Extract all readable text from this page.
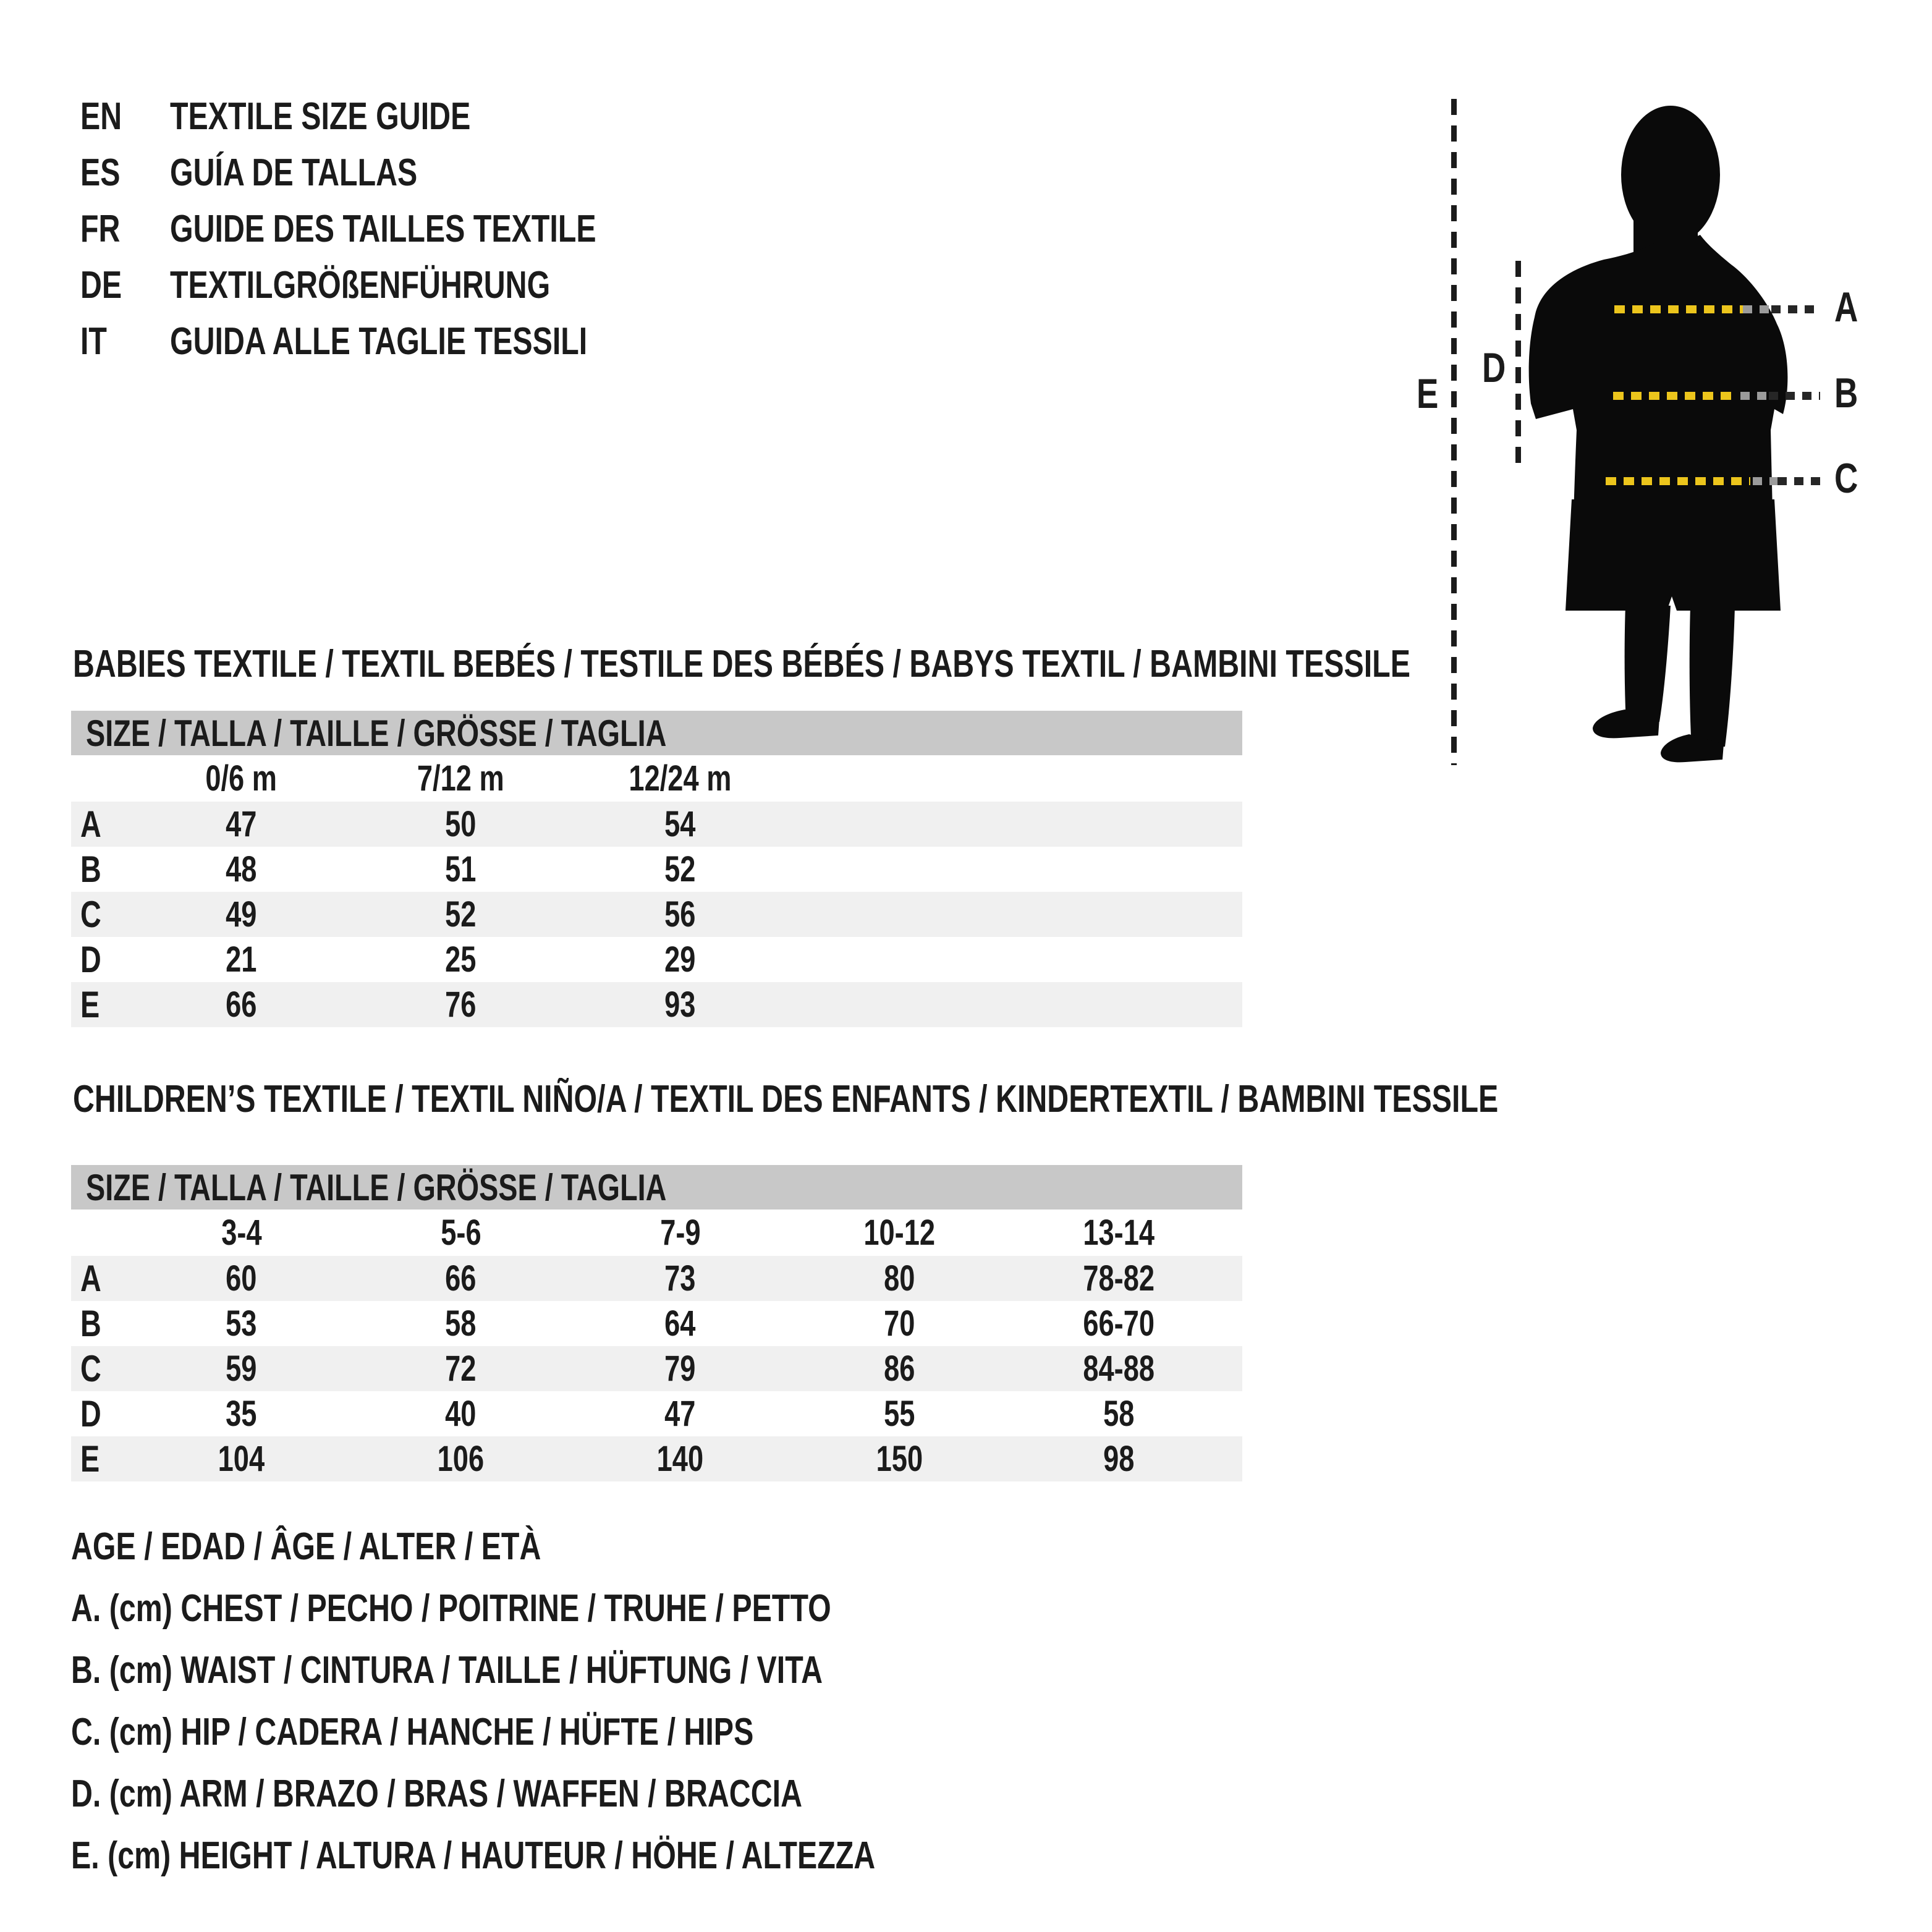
EN	TEXTILE SIZE GUIDE
ES GUÍA DE TALLAS
FR GUIDE DES TAILLES TEXTILE
DE	TEXTILGRÖßENFÜHRUNG
IT GUIDA ALLE TAGLIE TESSILI
A
B
C
D
E
BABIES TEXTILE / TEXTIL BEBÉS / TESTILE DES BÉBÉS / BABYS TEXTIL / BAMBINI TESSILE
SIZE / TALLA / TAILLE / GRÖSSE / TAGLIA
0/6 m	7/12 m	12/24 m
A	47	50	54
B	48	51	52
C	49	52	56
D	21	25	29
E	66	76	93
CHILDREN’S TEXTILE / TEXTIL NIÑO/A / TEXTIL DES ENFANTS / KINDERTEXTIL / BAMBINI TESSILE
SIZE / TALLA / TAILLE / GRÖSSE / TAGLIA
3-4	5-6	7-9	10-12	13-14
A	60	66	73	80	78-82
B	53	58	64	70	66-70
C	59	72	79	86	84-88
D	35	40	47	55	58
E	104	106	140	150	98
AGE / EDAD / ÂGE / ALTER / ETÀ
A. (cm) CHEST / PECHO / POITRINE / TRUHE / PETTO
B. (cm) WAIST / CINTURA / TAILLE / HÜFTUNG / VITA
C. (cm) HIP / CADERA / HANCHE / HÜFTE / HIPS
D. (cm) ARM / BRAZO / BRAS / WAFFEN / BRACCIA
E. (cm) HEIGHT / ALTURA / HAUTEUR / HÖHE / ALTEZZA
